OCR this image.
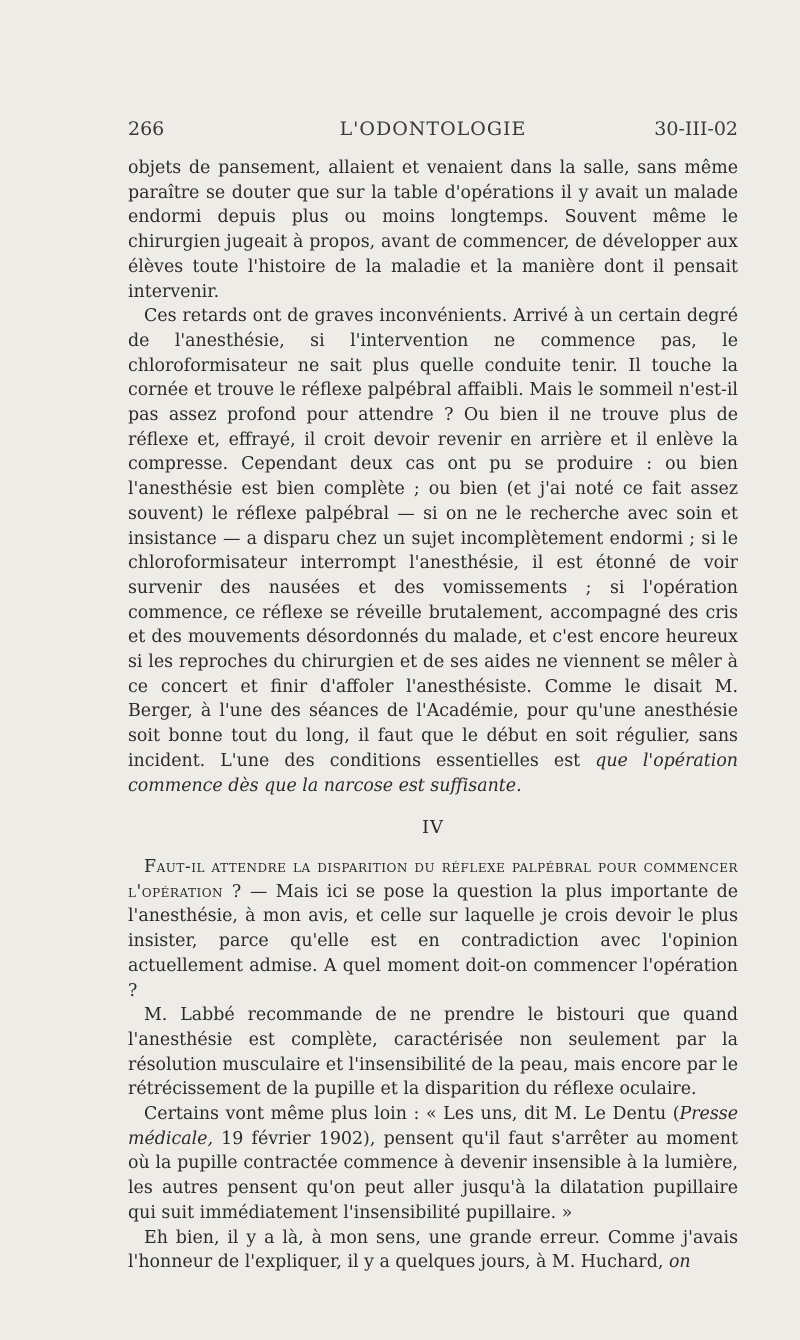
266	L'ODONTOLOGIE	30-III-02

objets de pansement, allaient et venaient dans la salle, sans même paraître se douter que sur la table d'opérations il y avait un malade endormi depuis plus ou moins longtemps. Souvent même le chirurgien jugeait à propos, avant de commencer, de développer aux élèves toute l'histoire de la maladie et la manière dont il pensait intervenir.

Ces retards ont de graves inconvénients. Arrivé à un certain degré de l'anesthésie, si l'intervention ne commence pas, le chloroformisateur ne sait plus quelle conduite tenir. Il touche la cornée et trouve le réflexe palpébral affaibli. Mais le sommeil n'est-il pas assez profond pour attendre ? Ou bien il ne trouve plus de réflexe et, effrayé, il croit devoir revenir en arrière et il enlève la compresse. Cependant deux cas ont pu se produire : ou bien l'anesthésie est bien complète ; ou bien (et j'ai noté ce fait assez souvent) le réflexe palpébral — si on ne le recherche avec soin et insistance — a disparu chez un sujet incomplètement endormi ; si le chloroformisateur interrompt l'anesthésie, il est étonné de voir survenir des nausées et des vomissements ; si l'opération commence, ce réflexe se réveille brutalement, accompagné des cris et des mouvements désordonnés du malade, et c'est encore heureux si les reproches du chirurgien et de ses aides ne viennent se mêler à ce concert et finir d'affoler l'anesthésiste. Comme le disait M. Berger, à l'une des séances de l'Académie, pour qu'une anesthésie soit bonne tout du long, il faut que le début en soit régulier, sans incident. L'une des conditions essentielles est que l'opération commence dès que la narcose est suffisante.

IV

Faut-il attendre la disparition du réflexe palpébral pour commencer l'opération ? — Mais ici se pose la question la plus importante de l'anesthésie, à mon avis, et celle sur laquelle je crois devoir le plus insister, parce qu'elle est en contradiction avec l'opinion actuellement admise. A quel moment doit-on commencer l'opération ?

M. Labbé recommande de ne prendre le bistouri que quand l'anesthésie est complète, caractérisée non seulement par la résolution musculaire et l'insensibilité de la peau, mais encore par le rétrécissement de la pupille et la disparition du réflexe oculaire.

Certains vont même plus loin : « Les uns, dit M. Le Dentu (Presse médicale, 19 février 1902), pensent qu'il faut s'arrêter au moment où la pupille contractée commence à devenir insensible à la lumière, les autres pensent qu'on peut aller jusqu'à la dilatation pupillaire qui suit immédiatement l'insensibilité pupillaire. »

Eh bien, il y a là, à mon sens, une grande erreur. Comme j'avais l'honneur de l'expliquer, il y a quelques jours, à M. Huchard, on
